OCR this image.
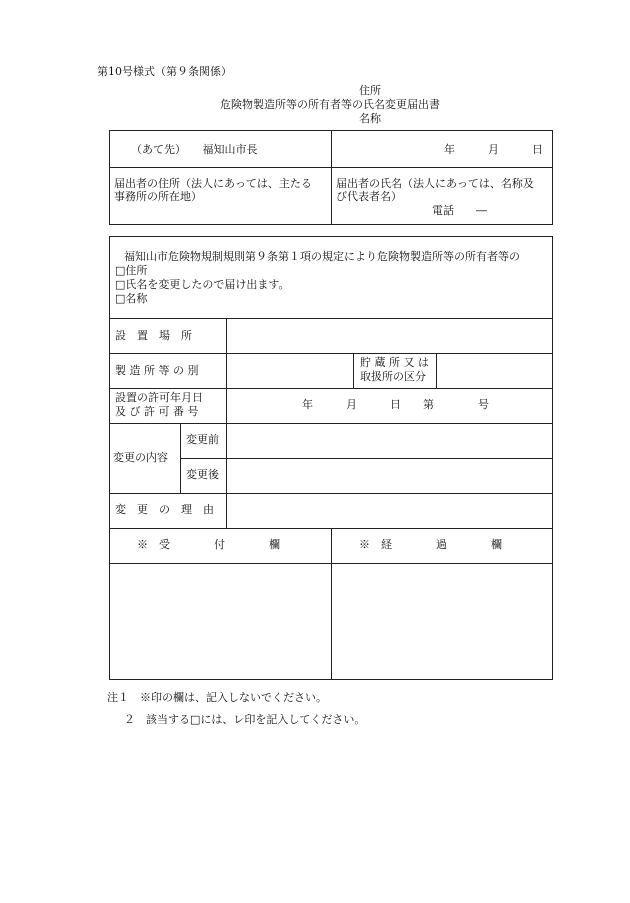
第10号様式（第９条関係）
住所
危険物製造所等の所有者等の氏名変更届出書
名称
（あて先）　　福知山市長	年　　　月　　　日
届出者の住所（法人にあっては、主たる
事務所の所在地）
届出者の氏名（法人にあっては、名称及
び代表者名）
電話　　―
福知山市危険物規制規則第９条第１項の規定により危険物製造所等の所有者等の
□住所
□氏名を変更したので届け出ます。
□名称
設　置　場　所
製 造 所 等 の 別
貯 蔵 所 又 は
取扱所の区分
設置の許可年月日
及 び 許 可 番 号
年　　　月　　　日　　第　　　　号
変更の内容
変更前
変更後
変　更　の　理　由
※　受　　　　付　　　　欄	※　経　　　　過　　　　欄
注１　※印の欄は、記入しないでください。
２　該当する□には、レ印を記入してください。
